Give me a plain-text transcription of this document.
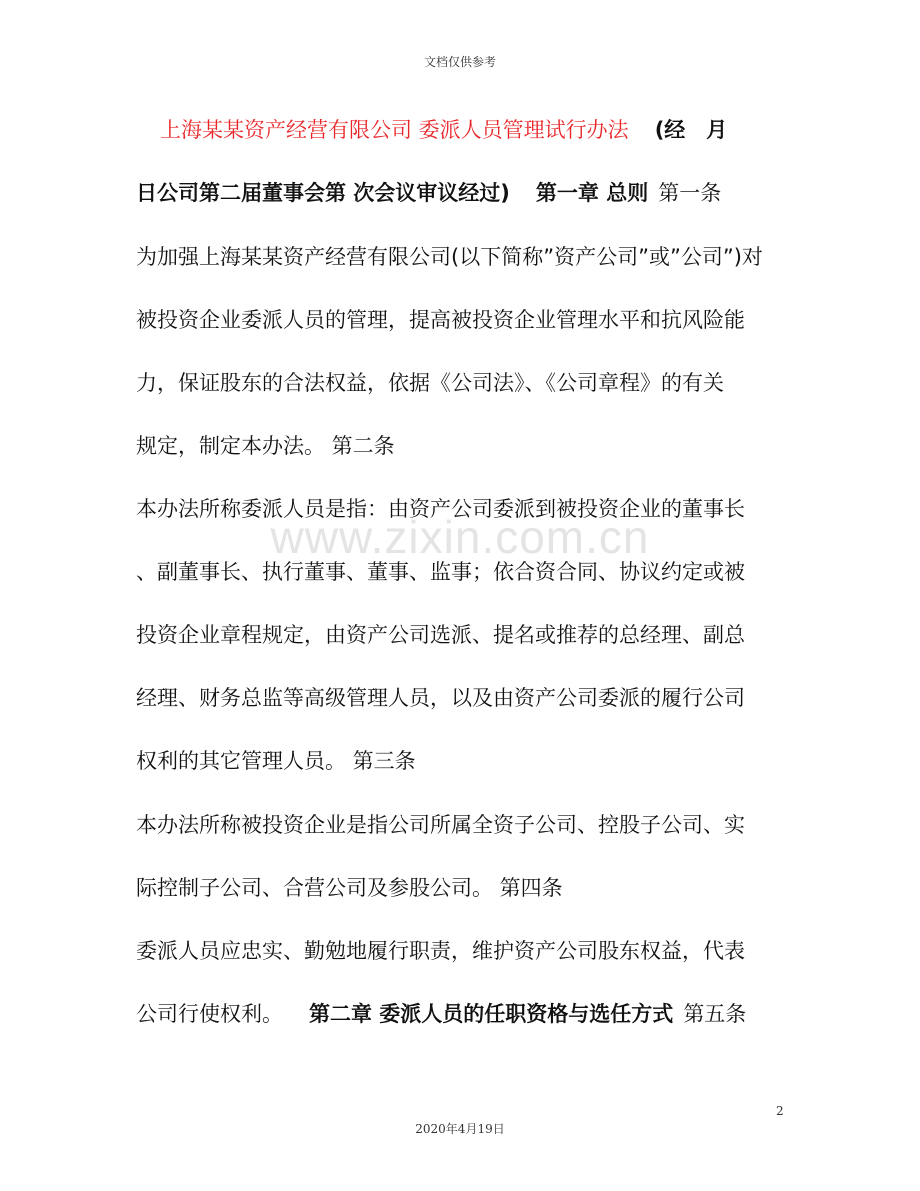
文档仅供参考
www.zixin.com.cn
上海某某资产经营有限公司 委派人员管理试行办法 (经　月
日公司第二届董事会第 次会议审议经过) 第一章 总则 第一条
为加强上海某某资产经营有限公司(以下简称”资产公司”或”公司”)对
被投资企业委派人员的管理，提高被投资企业管理水平和抗风险能
力，保证股东的合法权益，依据《公司法》、《公司章程》的有关
规定，制定本办法。 第二条
本办法所称委派人员是指：由资产公司委派到被投资企业的董事长
、副董事长、执行董事、董事、监事；依合资合同、协议约定或被
投资企业章程规定，由资产公司选派、提名或推荐的总经理、副总
经理、财务总监等高级管理人员，以及由资产公司委派的履行公司
权利的其它管理人员。 第三条
本办法所称被投资企业是指公司所属全资子公司、控股子公司、实
际控制子公司、合营公司及参股公司。 第四条
委派人员应忠实、勤勉地履行职责，维护资产公司股东权益，代表
公司行使权利。 第二章 委派人员的任职资格与选任方式 第五条
2
2020年4月19日
